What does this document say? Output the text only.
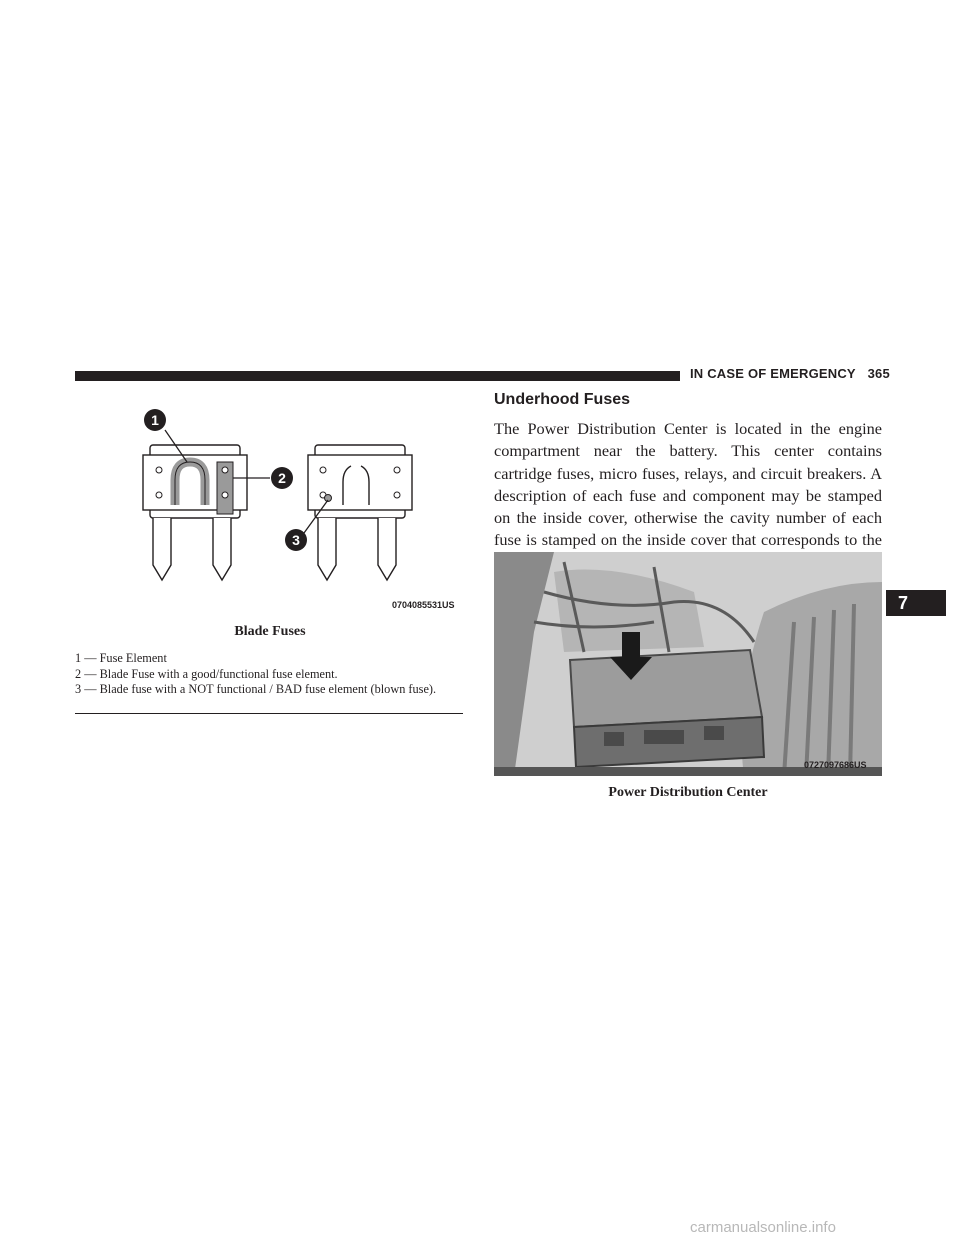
IN CASE OF EMERGENCY 365
1
2
3
0704085531US
Blade Fuses
1 — Fuse Element
2 — Blade Fuse with a good/functional fuse element.
3 — Blade fuse with a NOT functional / BAD fuse element (blown fuse).
Underhood Fuses
The Power Distribution Center is located in the engine compartment near the battery. This center contains cartridge fuses, micro fuses, relays, and circuit breakers. A description of each fuse and component may be stamped on the inside cover, otherwise the cavity number of each fuse is stamped on the inside cover that corresponds to the
0727097686US
Power Distribution Center
7
carmanualsonline.info
